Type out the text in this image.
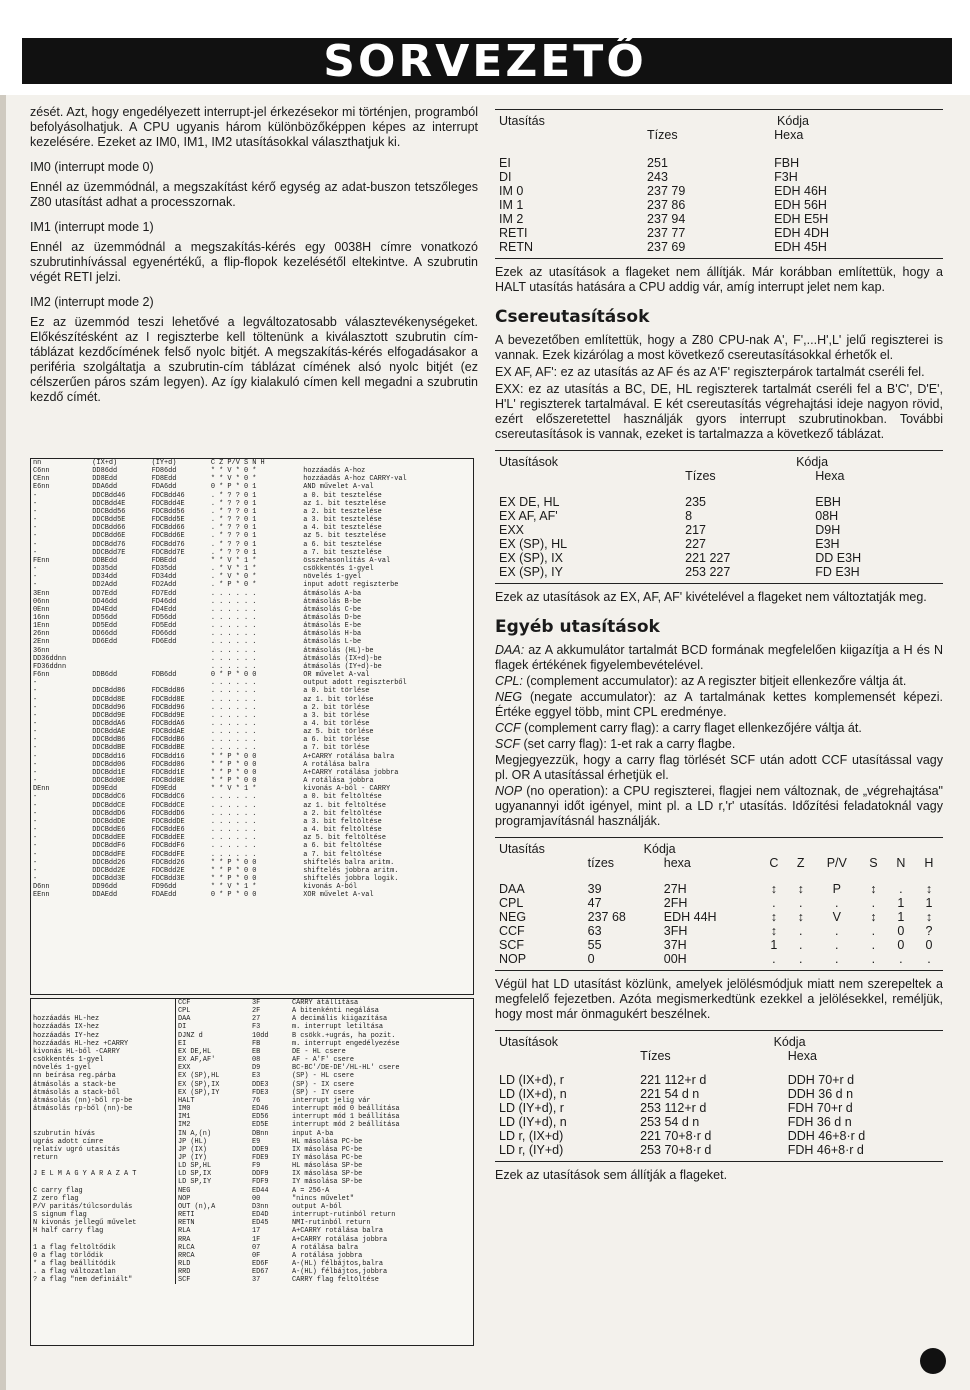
SORVEZETŐ

zését. Azt, hogy engedélyezett interrupt-jel érkezésekor mi történjen, programból befolyásolhatjuk. A CPU ugyanis három különbözőképpen képes az interrupt kezelésére. Ezeket az IM0, IM1, IM2 utasításokkal választhatjuk ki.

IM0 (interrupt mode 0)

Ennél az üzemmódnál, a megszakítást kérő egység az adat-buszon tetszőleges Z80 utasítást adhat a processzornak.

IM1 (interrupt mode 1)

Ennél az üzemmódnál a megszakítás-kérés egy 0038H címre vonatkozó szubrutinhívással egyenértékű, a flip-flopok kezelésétől eltekintve. A szubrutin végét RETI jelzi.

IM2 (interrupt mode 2)

Ez az üzemmód teszi lehetővé a legváltozatosabb választevékenységeket. Előkészítésként az I regiszterbe kell töltenünk a kiválasztott szubrutin cím-táblázat kezdőcímének felső nyolc bitjét. A megszakítás-kérés elfogadásakor a periféria szolgáltatja a szubrutin-cím táblázat címének alsó nyolc bitjét (ez célszerűen páros szám legyen). Az így kialakuló címen kell megadni a szubrutin kezdő címét.

nn	(IX+d)	(IY+d)	C Z P/V S N H	
C6nn	DD86dd	FD86dd	* * V * 0 *	hozzáadás A-hoz
CEnn	DD8Edd	FD8Edd	* * V * 0 *	hozzáadás A-hoz CARRY-val
E6nn	DDA6dd	FDA6dd	0 * P * 0 1	AND művelet A-val
-	DDCBdd46	FDCBdd46	. * ? ? 0 1	a 0. bit tesztelése
-	DDCBdd4E	FDCBdd4E	. * ? ? 0 1	az 1. bit tesztelése
-	DDCBdd56	FDCBdd56	. * ? ? 0 1	a 2. bit tesztelése
-	DDCBdd5E	FDCBdd5E	. * ? ? 0 1	a 3. bit tesztelése
-	DDCBdd66	FDCBdd66	. * ? ? 0 1	a 4. bit tesztelése
-	DDCBdd6E	FDCBdd6E	. * ? ? 0 1	az 5. bit tesztelése
-	DDCBdd76	FDCBdd76	. * ? ? 0 1	a 6. bit tesztelése
-	DDCBdd7E	FDCBdd7E	. * ? ? 0 1	a 7. bit tesztelése
FEnn	DDBEdd	FDBEdd	* * V * 1 *	összehasonlítás A-val
-	DD35dd	FD35dd	. * V * 1 *	csökkentés 1-gyel
-	DD34dd	FD34dd	. * V * 0 *	növelés 1-gyel
-	DD2Add	FD2Add	. * P * 0 *	input adott regiszterbe
3Enn	DD7Edd	FD7Edd	. . . . . .	átmásolás A-ba
06nn	DD46dd	FD46dd	. . . . . .	átmásolás B-be
0Enn	DD4Edd	FD4Edd	. . . . . .	átmásolás C-be
16nn	DD56dd	FD56dd	. . . . . .	átmásolás D-be
1Enn	DD5Edd	FD5Edd	. . . . . .	átmásolás E-be
26nn	DD66dd	FD66dd	. . . . . .	átmásolás H-ba
2Enn	DD6Edd	FD6Edd	. . . . . .	átmásolás L-be
36nn			. . . . . .	átmásolás (HL)-be
DD36ddnn			. . . . . .	átmásolás (IX+d)-be
FD36ddnn			. . . . . .	átmásolás (IY+d)-be
F6nn	DDB6dd	FDB6dd	0 * P * 0 0	OR művelet A-val
-			. . . . . .	output adott regiszterből
-	DDCBdd86	FDCBdd86	. . . . . .	a 0. bit törlése
-	DDCBdd8E	FDCBdd8E	. . . . . .	az 1. bit törlése
-	DDCBdd96	FDCBdd96	. . . . . .	a 2. bit törlése
-	DDCBdd9E	FDCBdd9E	. . . . . .	a 3. bit törlése
-	DDCBddA6	FDCBddA6	. . . . . .	a 4. bit törlése
-	DDCBddAE	FDCBddAE	. . . . . .	az 5. bit törlése
-	DDCBddB6	FDCBddB6	. . . . . .	a 6. bit törlése
-	DDCBddBE	FDCBddBE	. . . . . .	a 7. bit törlése
-	DDCBdd16	FDCBdd16	* * P * 0 0	A+CARRY rotálása balra
-	DDCBdd06	FDCBdd06	* * P * 0 0	A rotálása balra
-	DDCBdd1E	FDCBdd1E	* * P * 0 0	A+CARRY rotálása jobbra
-	DDCBdd0E	FDCBdd0E	* * P * 0 0	A rotálása jobbra
DEnn	DD9Edd	FD9Edd	* * V * 1 *	kivonás A-ból - CARRY
-	DDCBddC6	FDCBddC6	. . . . . .	a 0. bit feltöltése
-	DDCBddCE	FDCBddCE	. . . . . .	az 1. bit feltöltése
-	DDCBddD6	FDCBddD6	. . . . . .	a 2. bit feltöltése
-	DDCBddDE	FDCBddDE	. . . . . .	a 3. bit feltöltése
-	DDCBddE6	FDCBddE6	. . . . . .	a 4. bit feltöltése
-	DDCBddEE	FDCBddEE	. . . . . .	az 5. bit feltöltése
-	DDCBddF6	FDCBddF6	. . . . . .	a 6. bit feltöltése
-	DDCBddFE	FDCBddFE	. . . . . .	a 7. bit feltöltése
-	DDCBdd26	FDCBdd26	* * P * 0 0	shiftelés balra aritm.
-	DDCBdd2E	FDCBdd2E	* * P * 0 0	shiftelés jobbra aritm.
-	DDCBdd3E	FDCBdd3E	* * P * 0 0	shiftelés jobbra logik.
D6nn	DD96dd	FD96dd	* * V * 1 *	kivonás A-ból
EEnn	DDAEdd	FDAEdd	0 * P * 0 0	XOR művelet A-val
	CCF	3F	CARRY átállítása
	CPL	2F	A bitenkénti negálása
hozzáadás HL-hez	DAA	27	A decimális kiigazítása
hozzáadás IX-hez	DI	F3	m. interrupt letiltása
hozzáadás IY-hez	DJNZ d	10dd	B csökk.+ugrás, ha pozit.
hozzáadás HL-hez +CARRY	EI	FB	m. interrupt engedélyezése
kivonás HL-ből -CARRY	EX DE,HL	EB	DE - HL csere
csökkentés 1-gyel	EX AF,AF'	08	AF - A'F' csere
növelés 1-gyel	EXX	D9	BC-BC'/DE-DE'/HL-HL' csere
nn beírása reg.párba	EX (SP),HL	E3	(SP) - HL csere
átmásolás a stack-be	EX (SP),IX	DDE3	(SP) - IX csere
átmásolás a stack-ből	EX (SP),IY	FDE3	(SP) - IY csere
átmásolás (nn)-ből rp-be	HALT	76	interrupt jelig vár
átmásolás rp-ből (nn)-be	IM0	ED46	interrupt mód 0 beállítása
	IM1	ED56	interrupt mód 1 beállítása
	IM2	ED5E	interrupt mód 2 beállítása
szubrutin hívás	IN A,(n)	DBnn	input A-ba
ugrás adott címre	JP (HL)	E9	HL másolása PC-be
relatív ugró utasítás	JP (IX)	DDE9	IX másolása PC-be
return	JP (IY)	FDE9	IY másolása PC-be
	LD SP,HL	F9	HL másolása SP-be
J E L M A G Y A R A Z A T	LD SP,IX	DDF9	IX másolása SP-be
	LD SP,IY	FDF9	IY másolása SP-be
C carry flag	NEG	ED44	A = 256-A
Z zero flag	NOP	00	"nincs művelet"
P/V paritás/túlcsordulás	OUT (n),A	D3nn	output A-ból
S signum flag	RETI	ED4D	interrupt-rutinból return
N kivonás jellegű művelet	RETN	ED45	NMI-rutinból return
H half carry flag	RLA	17	A+CARRY rotálása balra
	RRA	1F	A+CARRY rotálása jobbra
1 a flag feltöltődik	RLCA	07	A rotálása balra
0 a flag törlődik	RRCA	0F	A rotálása jobbra
* a flag beállítódik	RLD	ED6F	A-(HL) félbájtos,balra
. a flag változatlan	RRD	ED67	A-(HL) félbájtos,jobbra
? a flag "nem definiált"	SCF	37	CARRY flag feltöltése
Utasítás	Kódja	
	Tízes	Hexa

EI	251	FBH
DI	243	F3H
IM 0	237 79	EDH 46H
IM 1	237 86	EDH 56H
IM 2	237 94	EDH E5H
RETI	237 77	EDH 4DH
RETN	237 69	EDH 45H

Ezek az utasítások a flageket nem állítják. Már korábban említettük, hogy a HALT utasítás hatására a CPU addig vár, amíg interrupt jelet nem kap.

Csereutasítások

A bevezetőben említettük, hogy a Z80 CPU-nak A', F',...H',L' jelű regiszterei is vannak. Ezek kizárólag a most következő csereutasításokkal érhetők el.

EX AF, AF': ez az utasítás az AF és az A'F' regiszterpárok tartalmát cseréli fel.

EXX: ez az utasítás a BC, DE, HL regiszterek tartalmát cseréli fel a B'C', D'E', H'L' regiszterek tartalmával. E két csereutasítás végrehajtási ideje nagyon rövid, ezért előszeretettel használják gyors interrupt szubrutinokban. További csereutasítások is vannak, ezeket is tartalmazza a következő táblázat.

Utasítások	Kódja	
	Tízes	Hexa

EX DE, HL	235	EBH
EX AF, AF'	8	08H
EXX	217	D9H
EX (SP), HL	227	E3H
EX (SP), IX	221 227	DD E3H
EX (SP), IY	253 227	FD E3H

Ezek az utasítások az EX, AF, AF' kivételével a flageket nem változtatják meg.

Egyéb utasítások

DAA: az A akkumulátor tartalmát BCD formának megfelelően kiigazítja a H és N flagek értékének figyelembevételével.

CPL: (complement accumulator): az A regiszter bitjeit ellenkezőre váltja át.

NEG (negate accumulator): az A tartalmának kettes komplemensét képezi. Értéke eggyel több, mint CPL eredménye.

CCF (complement carry flag): a carry flaget ellenkezőjére váltja át.

SCF (set carry flag): 1-et rak a carry flagbe.

Megjegyezzük, hogy a carry flag törlését SCF után adott CCF utasítással vagy pl. OR A utasítással érhetjük el.

NOP (no operation): a CPU regiszterei, flagjei nem változnak, de „végrehajtása" ugyanannyi időt igényel, mint pl. a LD r,'r' utasítás. Időzítési feladatoknál vagy programjavításnál használják.

Utasítás	Kódja							
	tízes	hexa	C	Z	P/V	S	N	H

DAA	39	27H	↕	↕	P	↕	.	↕
CPL	47	2FH	.	.	.	.	1	1
NEG	237 68	EDH 44H	↕	↕	V	↕	1	↕
CCF	63	3FH	↕	.	.	.	0	?
SCF	55	37H	1	.	.	.	0	0
NOP	0	00H	.	.	.	.	.	.

Végül hat LD utasítást közlünk, amelyek jelölésmódjuk miatt nem szerepeltek a megfelelő fejezetben. Azóta megismerkedtünk ezekkel a jelölésekkel, reméljük, hogy most már önmagukért beszélnek.

Utasítások	Kódja	
	Tízes	Hexa

LD (IX+d), r	221 112+r d	DDH 70+r d
LD (IX+d), n	221 54 d n	DDH 36 d n
LD (IY+d), r	253 112+r d	FDH 70+r d
LD (IY+d), n	253 54 d n	FDH 36 d n
LD r, (IX+d)	221 70+8·r d	DDH 46+8·r d
LD r, (IY+d)	253 70+8·r d	FDH 46+8·r d

Ezek az utasítások sem állítják a flageket.
